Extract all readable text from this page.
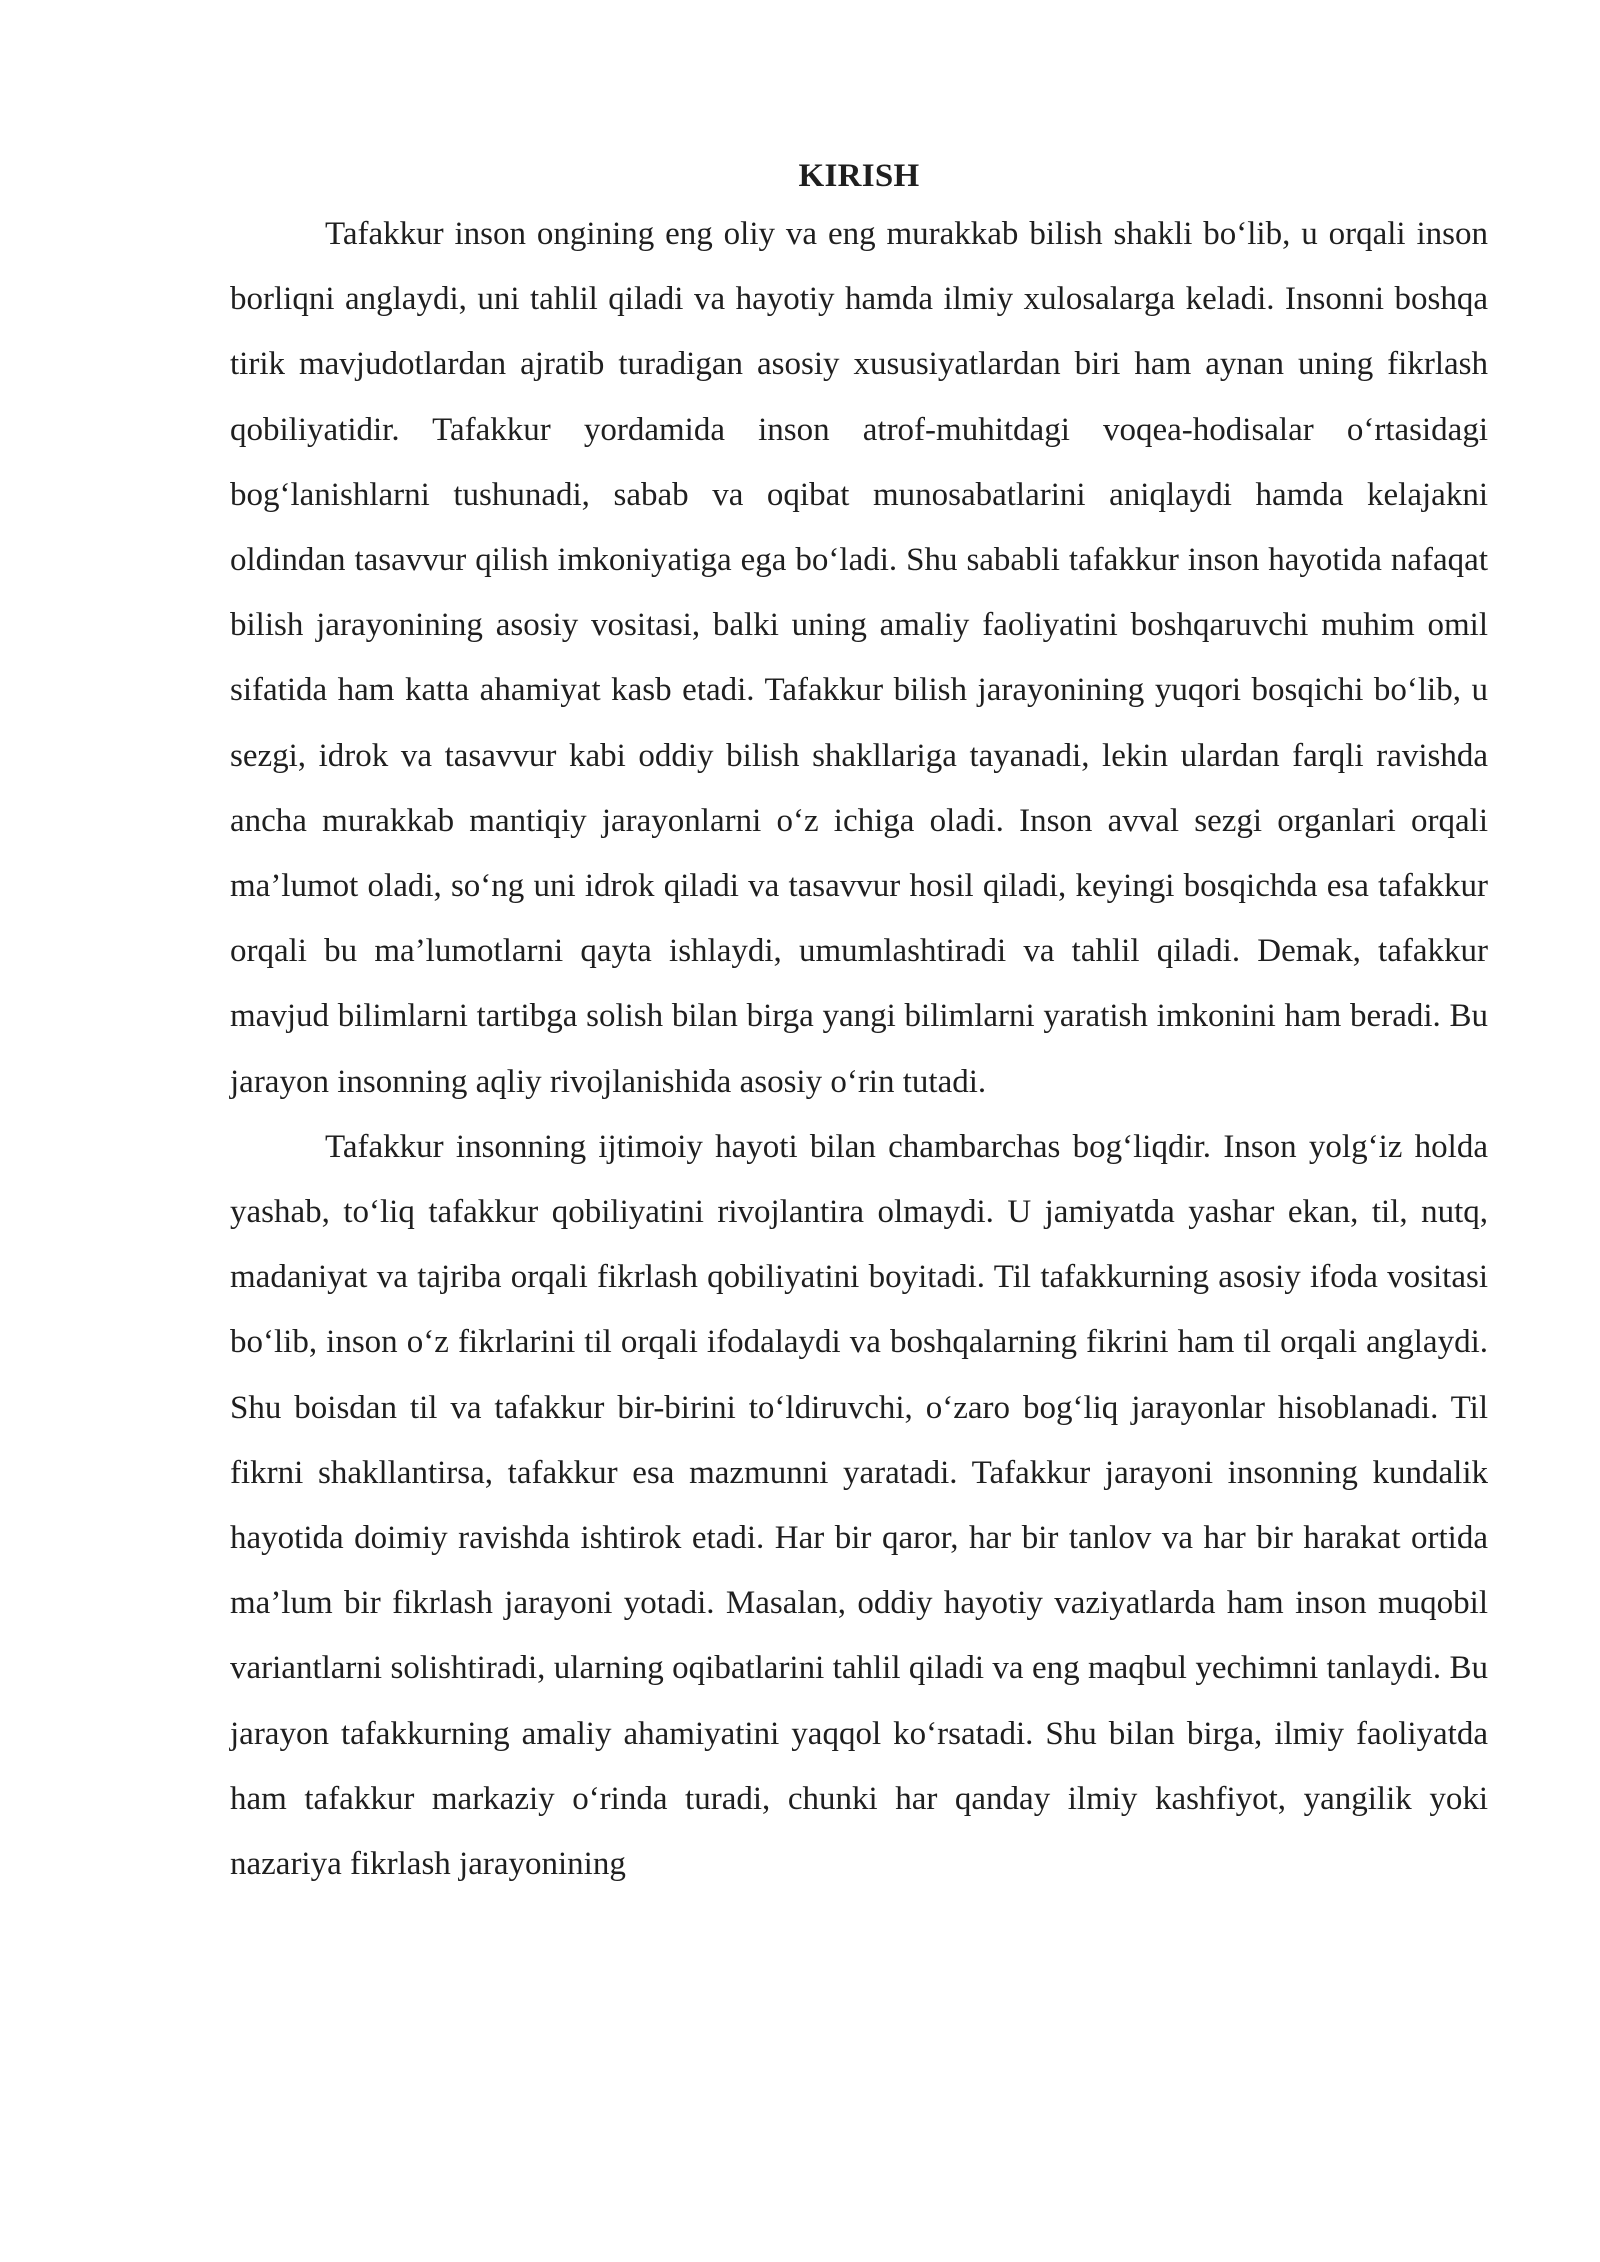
KIRISH

Tafakkur inson ongining eng oliy va eng murakkab bilish shakli bo‘lib, u orqali inson borliqni anglaydi, uni tahlil qiladi va hayotiy hamda ilmiy xulosalarga keladi. Insonni boshqa tirik mavjudotlardan ajratib turadigan asosiy xususiyatlardan biri ham aynan uning fikrlash qobiliyatidir. Tafakkur yordamida inson atrof-muhitdagi voqea-hodisalar o‘rtasidagi bog‘lanishlarni tushunadi, sabab va oqibat munosabatlarini aniqlaydi hamda kelajakni oldindan tasavvur qilish imkoniyatiga ega bo‘ladi. Shu sababli tafakkur inson hayotida nafaqat bilish jarayonining asosiy vositasi, balki uning amaliy faoliyatini boshqaruvchi muhim omil sifatida ham katta ahamiyat kasb etadi. Tafakkur bilish jarayonining yuqori bosqichi bo‘lib, u sezgi, idrok va tasavvur kabi oddiy bilish shakllariga tayanadi, lekin ulardan farqli ravishda ancha murakkab mantiqiy jarayonlarni o‘z ichiga oladi. Inson avval sezgi organlari orqali ma’lumot oladi, so‘ng uni idrok qiladi va tasavvur hosil qiladi, keyingi bosqichda esa tafakkur orqali bu ma’lumotlarni qayta ishlaydi, umumlashtiradi va tahlil qiladi. Demak, tafakkur mavjud bilimlarni tartibga solish bilan birga yangi bilimlarni yaratish imkonini ham beradi. Bu jarayon insonning aqliy rivojlanishida asosiy o‘rin tutadi.

Tafakkur insonning ijtimoiy hayoti bilan chambarchas bog‘liqdir. Inson yolg‘iz holda yashab, to‘liq tafakkur qobiliyatini rivojlantira olmaydi. U jamiyatda yashar ekan, til, nutq, madaniyat va tajriba orqali fikrlash qobiliyatini boyitadi. Til tafakkurning asosiy ifoda vositasi bo‘lib, inson o‘z fikrlarini til orqali ifodalaydi va boshqalarning fikrini ham til orqali anglaydi. Shu boisdan til va tafakkur bir-birini to‘ldiruvchi, o‘zaro bog‘liq jarayonlar hisoblanadi. Til fikrni shakllantirsa, tafakkur esa mazmunni yaratadi. Tafakkur jarayoni insonning kundalik hayotida doimiy ravishda ishtirok etadi. Har bir qaror, har bir tanlov va har bir harakat ortida ma’lum bir fikrlash jarayoni yotadi. Masalan, oddiy hayotiy vaziyatlarda ham inson muqobil variantlarni solishtiradi, ularning oqibatlarini tahlil qiladi va eng maqbul yechimni tanlaydi. Bu jarayon tafakkurning amaliy ahamiyatini yaqqol ko‘rsatadi. Shu bilan birga, ilmiy faoliyatda ham tafakkur markaziy o‘rinda turadi, chunki har qanday ilmiy kashfiyot, yangilik yoki nazariya fikrlash jarayonining
